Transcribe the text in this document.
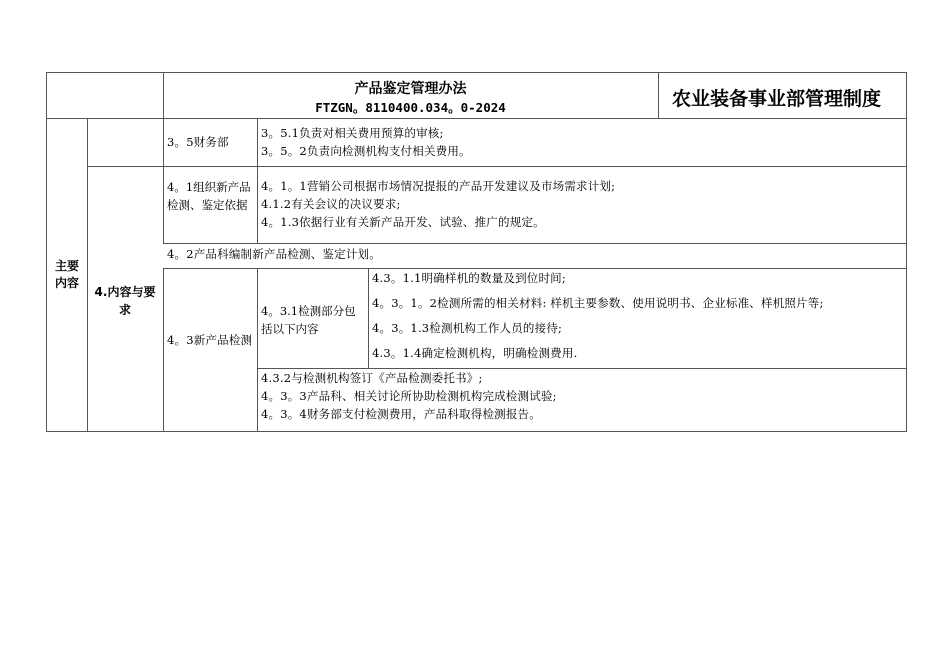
产品鉴定管理办法
FTZGN。8110400.034。0-2024	农业装备事业部管理制度
主要内容
4.内容与要求
3。5财务部
3。5.1负责对相关费用预算的审核;
3。5。2负责向检测机构支付相关费用。
4。1组织新产品检测、鉴定依据
4。1。1营销公司根据市场情况提报的产品开发建议及市场需求计划;
4.1.2有关会议的决议要求;
4。1.3依据行业有关新产品开发、试验、推广的规定。
4。2产品科编制新产品检测、鉴定计划。
4。3新产品检测
4。3.1检测部分包括以下内容
4.3。1.1明确样机的数量及到位时间;
4。3。1。2检测所需的相关材料: 样机主要参数、使用说明书、企业标准、样机照片等;
4。3。1.3检测机构工作人员的接待;
4.3。1.4确定检测机构，明确检测费用.
4.3.2与检测机构签订《产品检测委托书》;
4。3。3产品科、相关讨论所协助检测机构完成检测试验;
4。3。4财务部支付检测费用，产品科取得检测报告。
